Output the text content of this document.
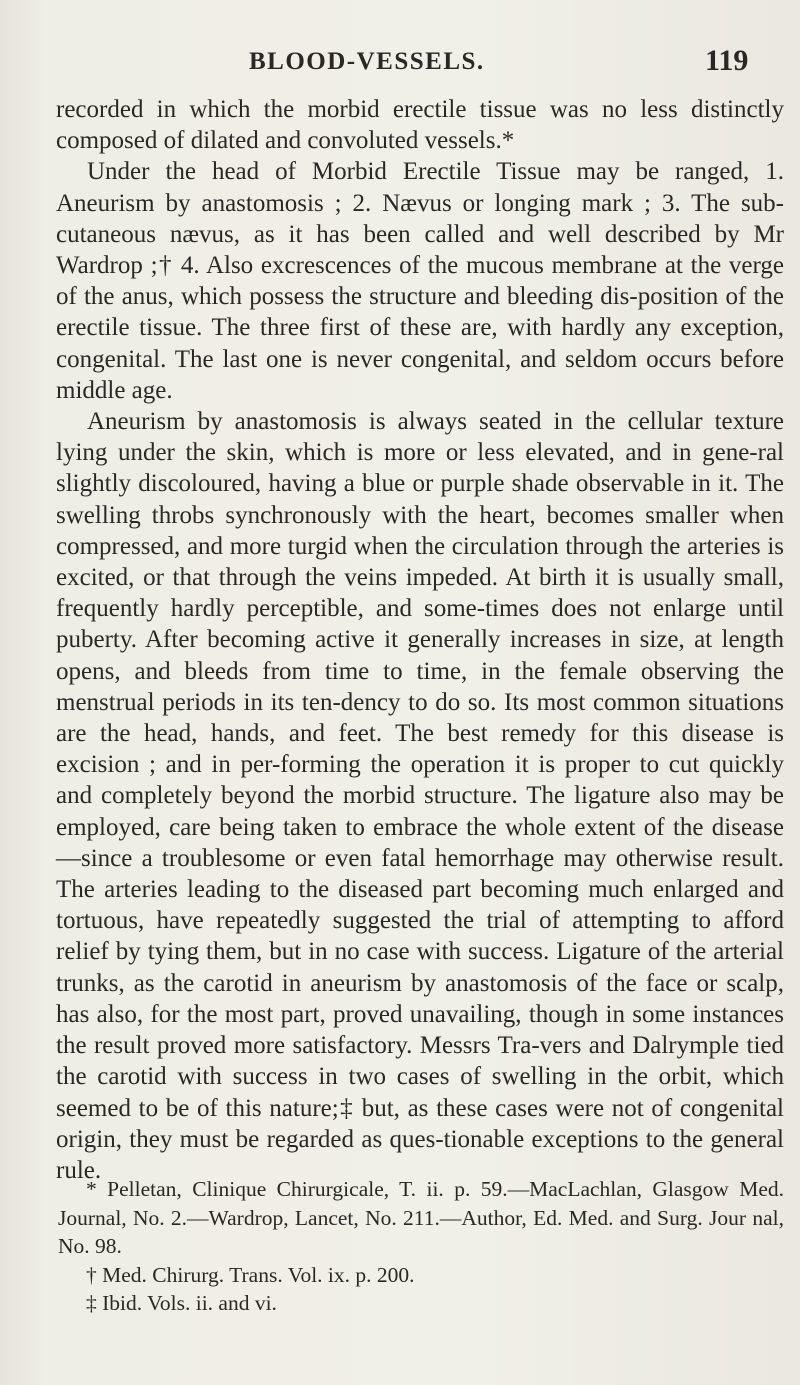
BLOOD-VESSELS.	119

recorded in which the morbid erectile tissue was no less distinctly composed of dilated and convoluted vessels.*

Under the head of Morbid Erectile Tissue may be ranged, 1. Aneurism by anastomosis ; 2. Nævus or longing mark ; 3. The sub-cutaneous nævus, as it has been called and well described by Mr Wardrop ;† 4. Also excrescences of the mucous membrane at the verge of the anus, which possess the structure and bleeding dis-position of the erectile tissue. The three first of these are, with hardly any exception, congenital. The last one is never congenital, and seldom occurs before middle age.

Aneurism by anastomosis is always seated in the cellular texture lying under the skin, which is more or less elevated, and in gene-ral slightly discoloured, having a blue or purple shade observable in it. The swelling throbs synchronously with the heart, becomes smaller when compressed, and more turgid when the circulation through the arteries is excited, or that through the veins impeded. At birth it is usually small, frequently hardly perceptible, and some-times does not enlarge until puberty. After becoming active it generally increases in size, at length opens, and bleeds from time to time, in the female observing the menstrual periods in its ten-dency to do so. Its most common situations are the head, hands, and feet. The best remedy for this disease is excision ; and in per-forming the operation it is proper to cut quickly and completely beyond the morbid structure. The ligature also may be employed, care being taken to embrace the whole extent of the disease—since a troublesome or even fatal hemorrhage may otherwise result. The arteries leading to the diseased part becoming much enlarged and tortuous, have repeatedly suggested the trial of attempting to afford relief by tying them, but in no case with success. Ligature of the arterial trunks, as the carotid in aneurism by anastomosis of the face or scalp, has also, for the most part, proved unavailing, though in some instances the result proved more satisfactory. Messrs Tra-vers and Dalrymple tied the carotid with success in two cases of swelling in the orbit, which seemed to be of this nature;‡ but, as these cases were not of congenital origin, they must be regarded as ques-tionable exceptions to the general rule.

* Pelletan, Clinique Chirurgicale, T. ii. p. 59.—MacLachlan, Glasgow Med. Journal, No. 2.—Wardrop, Lancet, No. 211.—Author, Ed. Med. and Surg. Jour nal, No. 98.

† Med. Chirurg. Trans. Vol. ix. p. 200.

‡ Ibid. Vols. ii. and vi.
